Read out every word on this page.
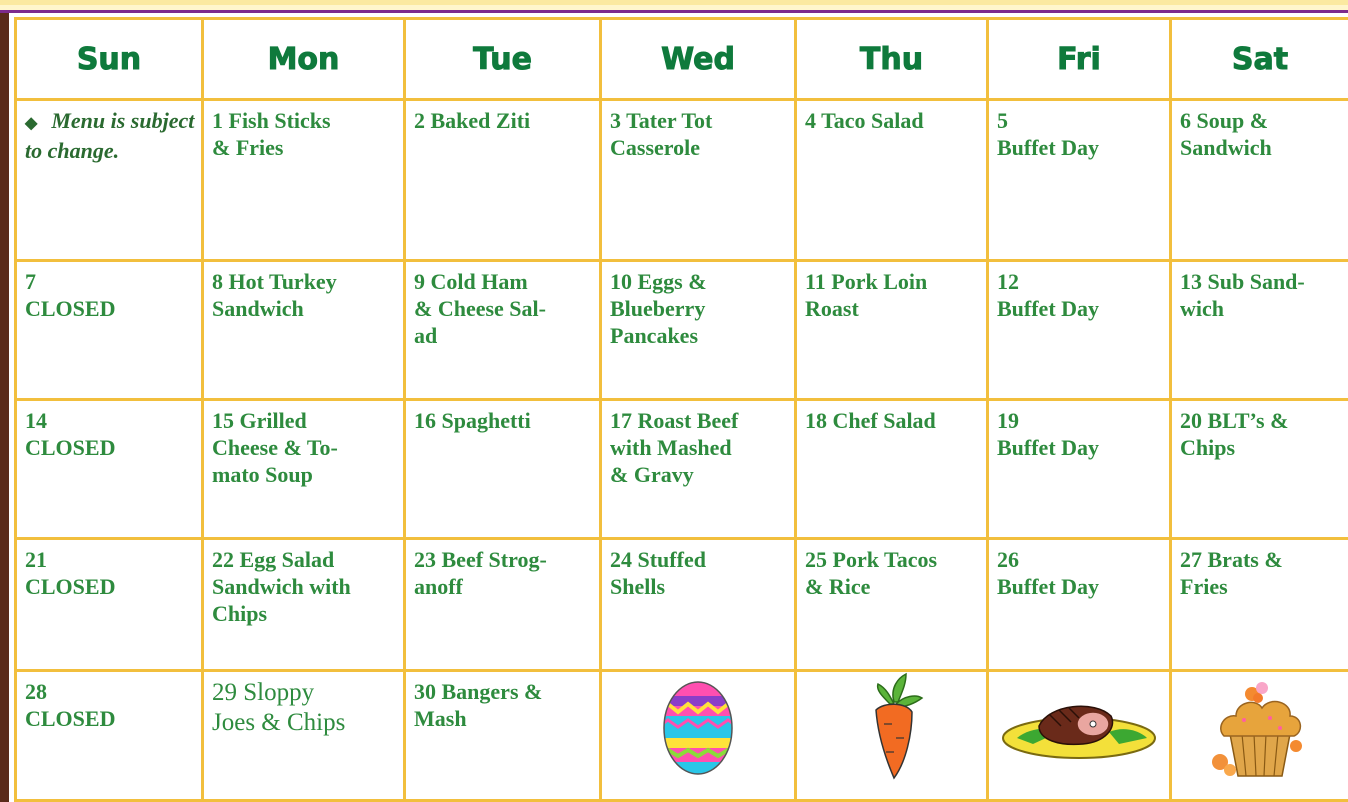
Sun	Mon	Tue	Wed	Thu	Fri	Sat

◆ Menu is subject to change.	1 Fish Sticks
& Fries	2 Baked Ziti	3 Tater Tot
Casserole	4 Taco Salad	5
Buffet Day	6 Soup &
Sandwich

7
CLOSED	8 Hot Turkey
Sandwich	9 Cold Ham
& Cheese Sal-
ad	10 Eggs &
Blueberry
Pancakes	11 Pork Loin
Roast	12
Buffet Day	13 Sub Sand-
wich

14
CLOSED	15 Grilled
Cheese & To-
mato Soup	16 Spaghetti	17 Roast Beef
with Mashed
& Gravy	18 Chef Salad	19
Buffet Day	20 BLT’s &
Chips

21
CLOSED	22 Egg Salad
Sandwich with
Chips	23 Beef Strog-
anoff	24 Stuffed
Shells	25 Pork Tacos
& Rice	26
Buffet Day	27 Brats &
Fries

28
CLOSED	29 Sloppy
Joes & Chips	30 Bangers &
Mash
